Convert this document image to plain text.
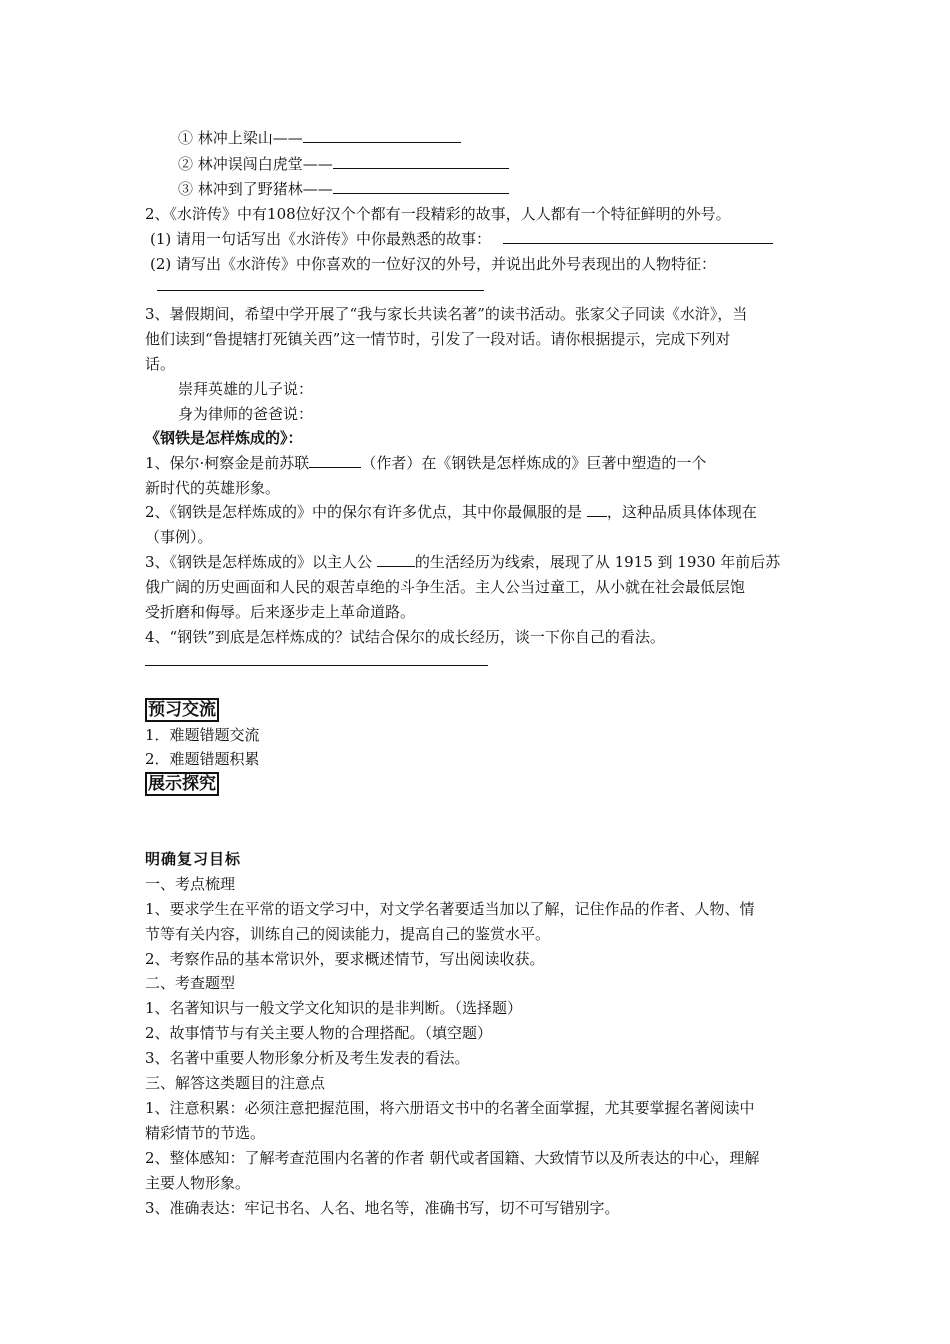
① 林冲上梁山——
② 林冲误闯白虎堂——
③ 林冲到了野猪林——
2、《水浒传》中有108位好汉个个都有一段精彩的故事，人人都有一个特征鲜明的外号。
(1) 请用一句话写出《水浒传》中你最熟悉的故事：
(2) 请写出《水浒传》中你喜欢的一位好汉的外号，并说出此外号表现出的人物特征：
3、暑假期间，希望中学开展了“我与家长共读名著”的读书活动。张家父子同读《水浒》，当
他们读到“鲁提辖打死镇关西”这一情节时，引发了一段对话。请你根据提示，完成下列对
话。
崇拜英雄的儿子说：
身为律师的爸爸说：
《钢铁是怎样炼成的》：
1、保尔·柯察金是前苏联	（作者）在《钢铁是怎样炼成的》巨著中塑造的一个
新时代的英雄形象。
2、《钢铁是怎样炼成的》中的保尔有许多优点，其中你最佩服的是 ，这种品质具体体现在
（事例）。
3、《钢铁是怎样炼成的》以主人公	的生活经历为线索，展现了从 1915 到 1930 年前后苏
俄广阔的历史画面和人民的艰苦卓绝的斗争生活。主人公当过童工，从小就在社会最低层饱
受折磨和侮辱。后来逐步走上革命道路。
4、“钢铁”到底是怎样炼成的？试结合保尔的成长经历，谈一下你自己的看法。
预习交流
1．难题错题交流
2．难题错题积累
展示探究
明确复习目标
一、考点梳理
1、要求学生在平常的语文学习中，对文学名著要适当加以了解，记住作品的作者、人物、情
节等有关内容，训练自己的阅读能力，提高自己的鉴赏水平。
2、考察作品的基本常识外，要求概述情节，写出阅读收获。
二、考查题型
1、名著知识与一般文学文化知识的是非判断。（选择题）
2、故事情节与有关主要人物的合理搭配。（填空题）
3、名著中重要人物形象分析及考生发表的看法。
三、解答这类题目的注意点
1、注意积累：必须注意把握范围，将六册语文书中的名著全面掌握，尤其要掌握名著阅读中
精彩情节的节选。
2、整体感知：了解考查范围内名著的作者 朝代或者国籍、大致情节以及所表达的中心，理解
主要人物形象。
3、准确表达：牢记书名、人名、地名等，准确书写，切不可写错别字。
